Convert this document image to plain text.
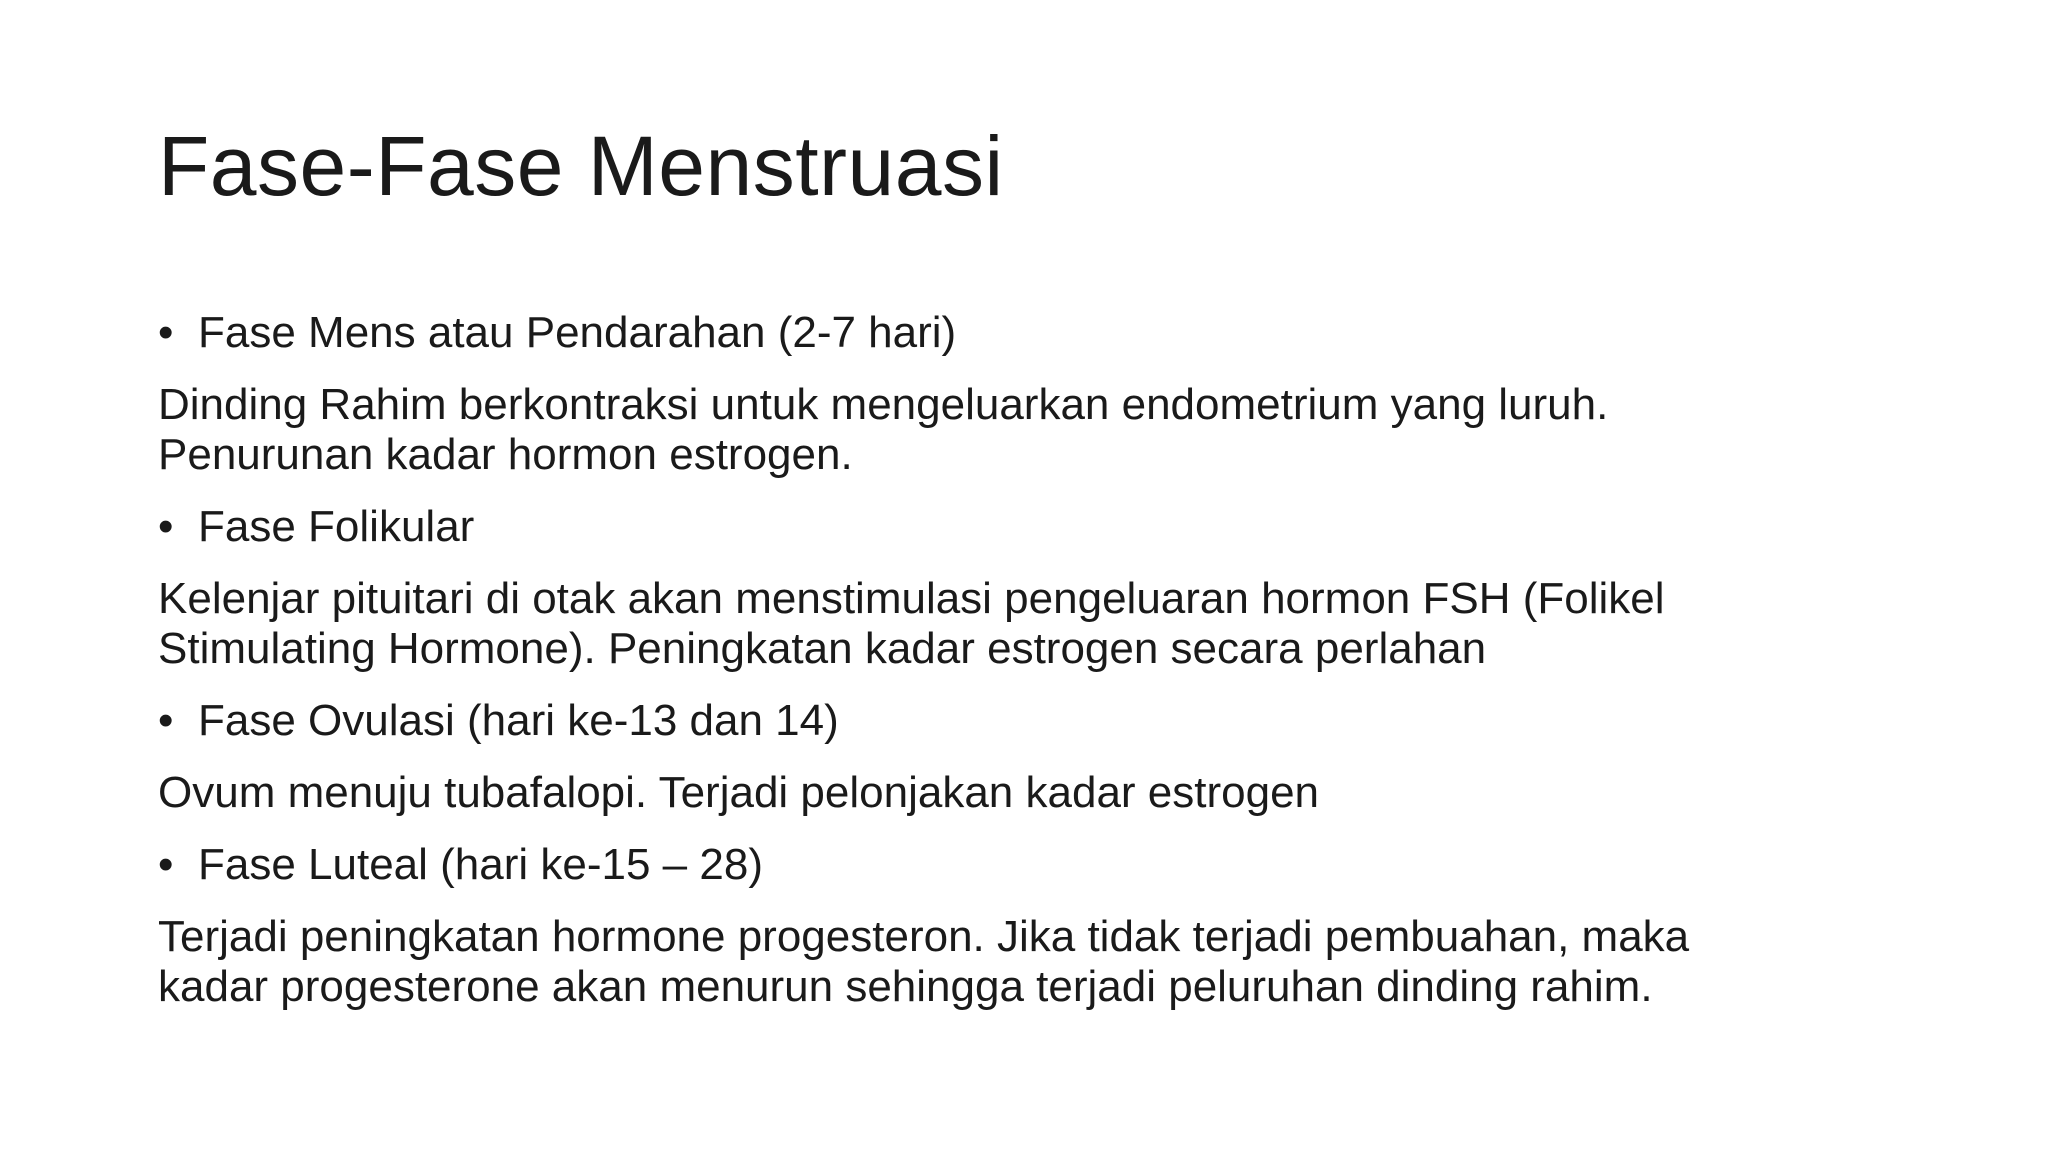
Fase-Fase Menstruasi
• Fase Mens atau Pendarahan (2-7 hari)

Dinding Rahim berkontraksi untuk mengeluarkan endometrium yang luruh.

Penurunan kadar hormon estrogen.

• Fase Folikular

Kelenjar pituitari di otak akan menstimulasi pengeluaran hormon FSH (Folikel

Stimulating Hormone). Peningkatan kadar estrogen secara perlahan

• Fase Ovulasi (hari ke-13 dan 14)

Ovum menuju tubafalopi. Terjadi pelonjakan kadar estrogen

• Fase Luteal (hari ke-15 – 28)

Terjadi peningkatan hormone progesteron. Jika tidak terjadi pembuahan, maka

kadar progesterone akan menurun sehingga terjadi peluruhan dinding rahim.
